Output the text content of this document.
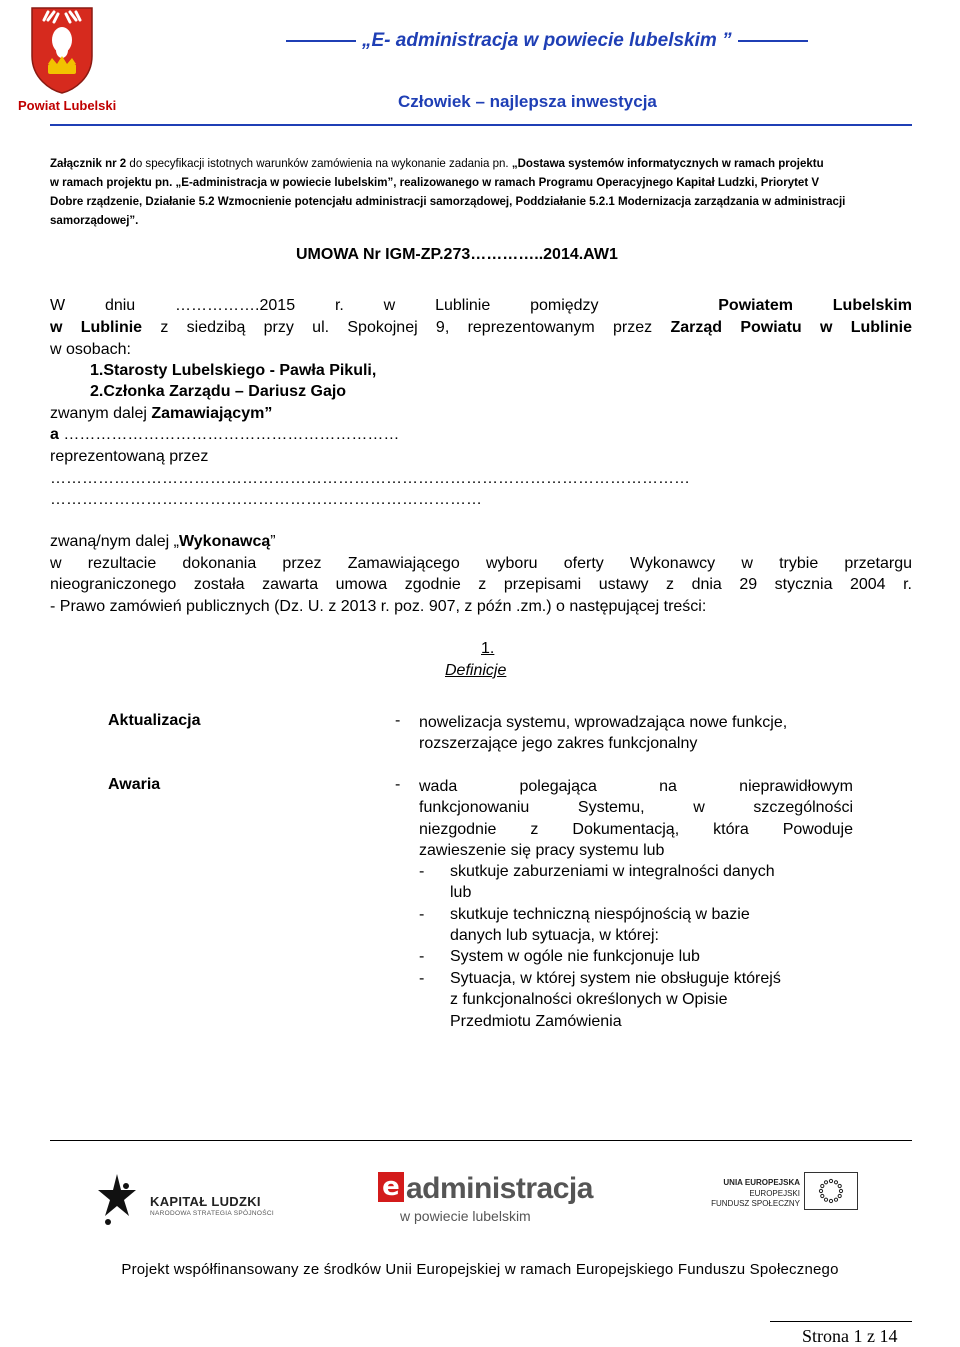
Powiat Lubelski
„E- administracja w powiecie lubelskim ”
Człowiek – najlepsza inwestycja
Załącznik nr 2 do specyfikacji istotnych warunków zamówienia na wykonanie zadania pn. „Dostawa systemów informatycznych w ramach projektu
w ramach projektu pn. „E-administracja w powiecie lubelskim”, realizowanego w ramach Programu Operacyjnego Kapitał Ludzki, Priorytet V
Dobre rządzenie, Działanie 5.2 Wzmocnienie potencjału administracji samorządowej, Poddziałanie 5.2.1 Modernizacja zarządzania w administracji
samorządowej”.
UMOWA Nr IGM-ZP.273…………..2014.AW1
W dniu …………….2015 r. w Lublinie pomiędzy	Powiatem Lubelskim
w Lublinie z siedzibą przy ul. Spokojnej 9, reprezentowanym przez Zarząd Powiatu w Lublinie
w osobach:
1.Starosty Lubelskiego - Pawła Pikuli,
2.Członka Zarządu – Dariusz Gajo
zwanym dalej Zamawiającym”
a ………………………………………………………
reprezentowaną przez
…………………………………………………………………………………………………………
………………………………………………………………………
zwaną/nym dalej „Wykonawcą”
w rezultacie dokonania przez Zamawiającego wyboru oferty Wykonawcy w trybie przetargu
nieograniczonego została zawarta umowa zgodnie z przepisami ustawy z dnia 29 stycznia 2004 r.
- Prawo zamówień publicznych (Dz. U. z 2013 r. poz. 907, z późn .zm.) o następującej treści:
1.
Definicje
Aktualizacja	- nowelizacja systemu, wprowadzająca nowe funkcje,
rozszerzające jego zakres funkcjonalny
Awaria	- wada polegająca na nieprawidłowym
funkcjonowaniu Systemu, w szczególności
niezgodnie z Dokumentacją, która Powoduje
zawieszenie się pracy systemu lub
- skutkuje zaburzeniami w integralności danych
lub
- skutkuje techniczną niespójnością w bazie
danych lub sytuacja, w której:
- System w ogóle nie funkcjonuje lub
- Sytuacja, w której system nie obsługuje którejś
z funkcjonalności określonych w Opisie
Przedmiotu Zamówienia
KAPITAŁ LUDZKI
NARODOWA STRATEGIA SPÓJNOŚCI
e administracja
w powiecie lubelskim
UNIA EUROPEJSKA
EUROPEJSKI
FUNDUSZ SPOŁECZNY
Projekt współfinansowany ze środków Unii Europejskiej w ramach Europejskiego Funduszu Społecznego
Strona 1 z 14
